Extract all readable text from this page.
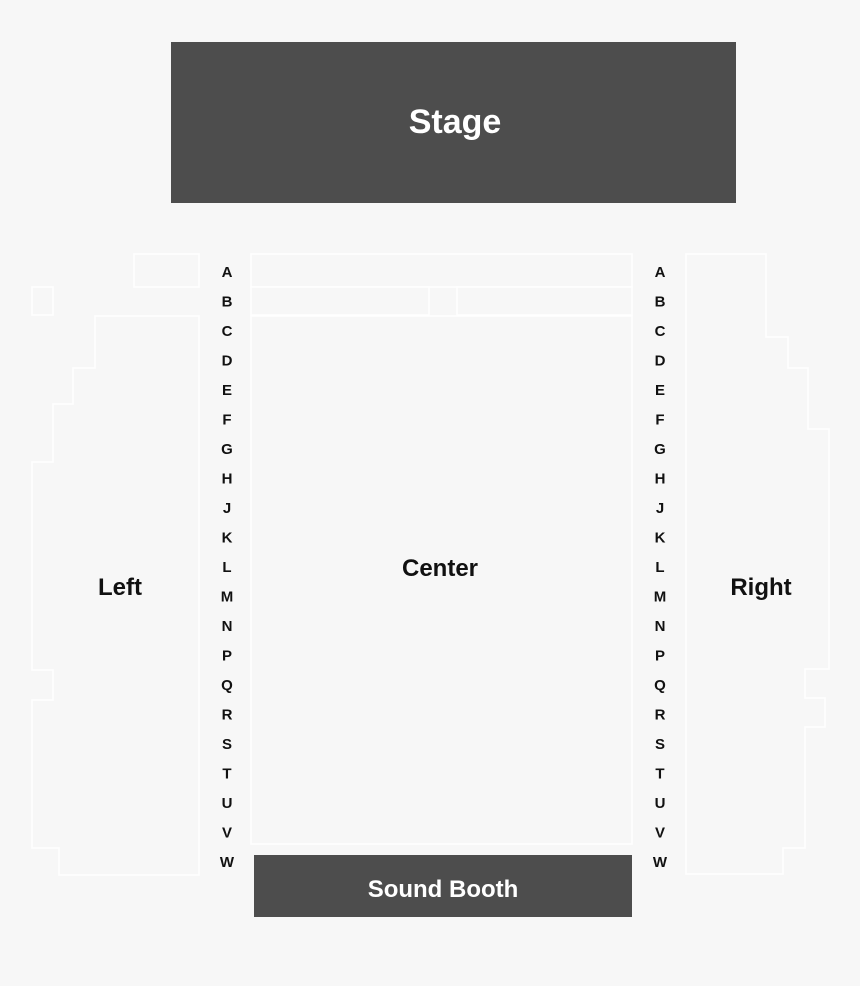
Stage
Left
Center
Right
A
B
C
D
E
F
G
H
J
K
L
M
N
P
Q
R
S
T
U
V
W
A
B
C
D
E
F
G
H
J
K
L
M
N
P
Q
R
S
T
U
V
W
Sound Booth
